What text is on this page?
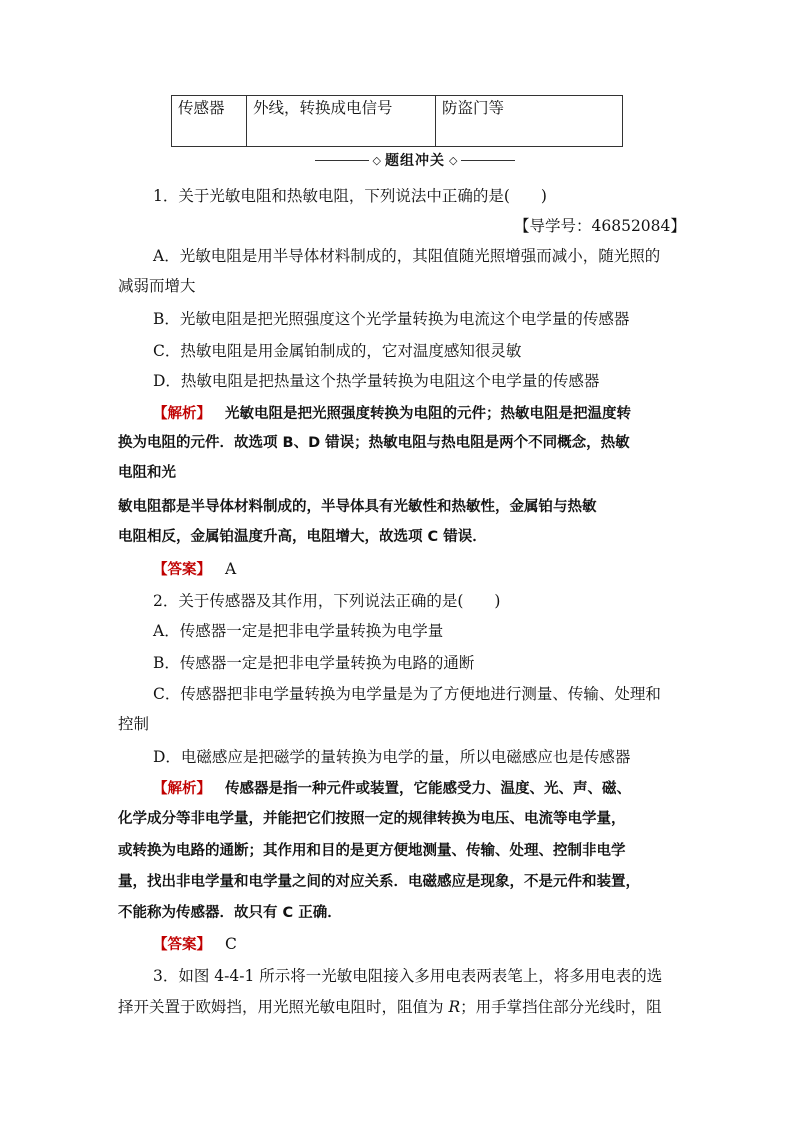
传感器	外线，转换成电信号	防盗门等
◇ 题组冲关 ◇
1．关于光敏电阻和热敏电阻，下列说法中正确的是(　　)
【导学号：46852084】
A．光敏电阻是用半导体材料制成的，其阻值随光照增强而减小，随光照的
减弱而增大
B．光敏电阻是把光照强度这个光学量转换为电流这个电学量的传感器
C．热敏电阻是用金属铂制成的，它对温度感知很灵敏
D．热敏电阻是把热量这个热学量转换为电阻这个电学量的传感器
【解析】 光敏电阻是把光照强度转换为电阻的元件；热敏电阻是把温度转
换为电阻的元件．故选项 B、D 错误；热敏电阻与热电阻是两个不同概念，热敏
电阻和光
敏电阻都是半导体材料制成的，半导体具有光敏性和热敏性，金属铂与热敏
电阻相反，金属铂温度升高，电阻增大，故选项 C 错误．
【答案】 A
2．关于传感器及其作用，下列说法正确的是(　　)
A．传感器一定是把非电学量转换为电学量
B．传感器一定是把非电学量转换为电路的通断
C．传感器把非电学量转换为电学量是为了方便地进行测量、传输、处理和
控制
D．电磁感应是把磁学的量转换为电学的量，所以电磁感应也是传感器
【解析】 传感器是指一种元件或装置，它能感受力、温度、光、声、磁、
化学成分等非电学量，并能把它们按照一定的规律转换为电压、电流等电学量，
或转换为电路的通断；其作用和目的是更方便地测量、传输、处理、控制非电学
量，找出非电学量和电学量之间的对应关系．电磁感应是现象，不是元件和装置，
不能称为传感器．故只有 C 正确．
【答案】 C
3．如图 4-4-1 所示将一光敏电阻接入多用电表两表笔上，将多用电表的选
择开关置于欧姆挡，用光照光敏电阻时，阻值为 R；用手掌挡住部分光线时，阻
